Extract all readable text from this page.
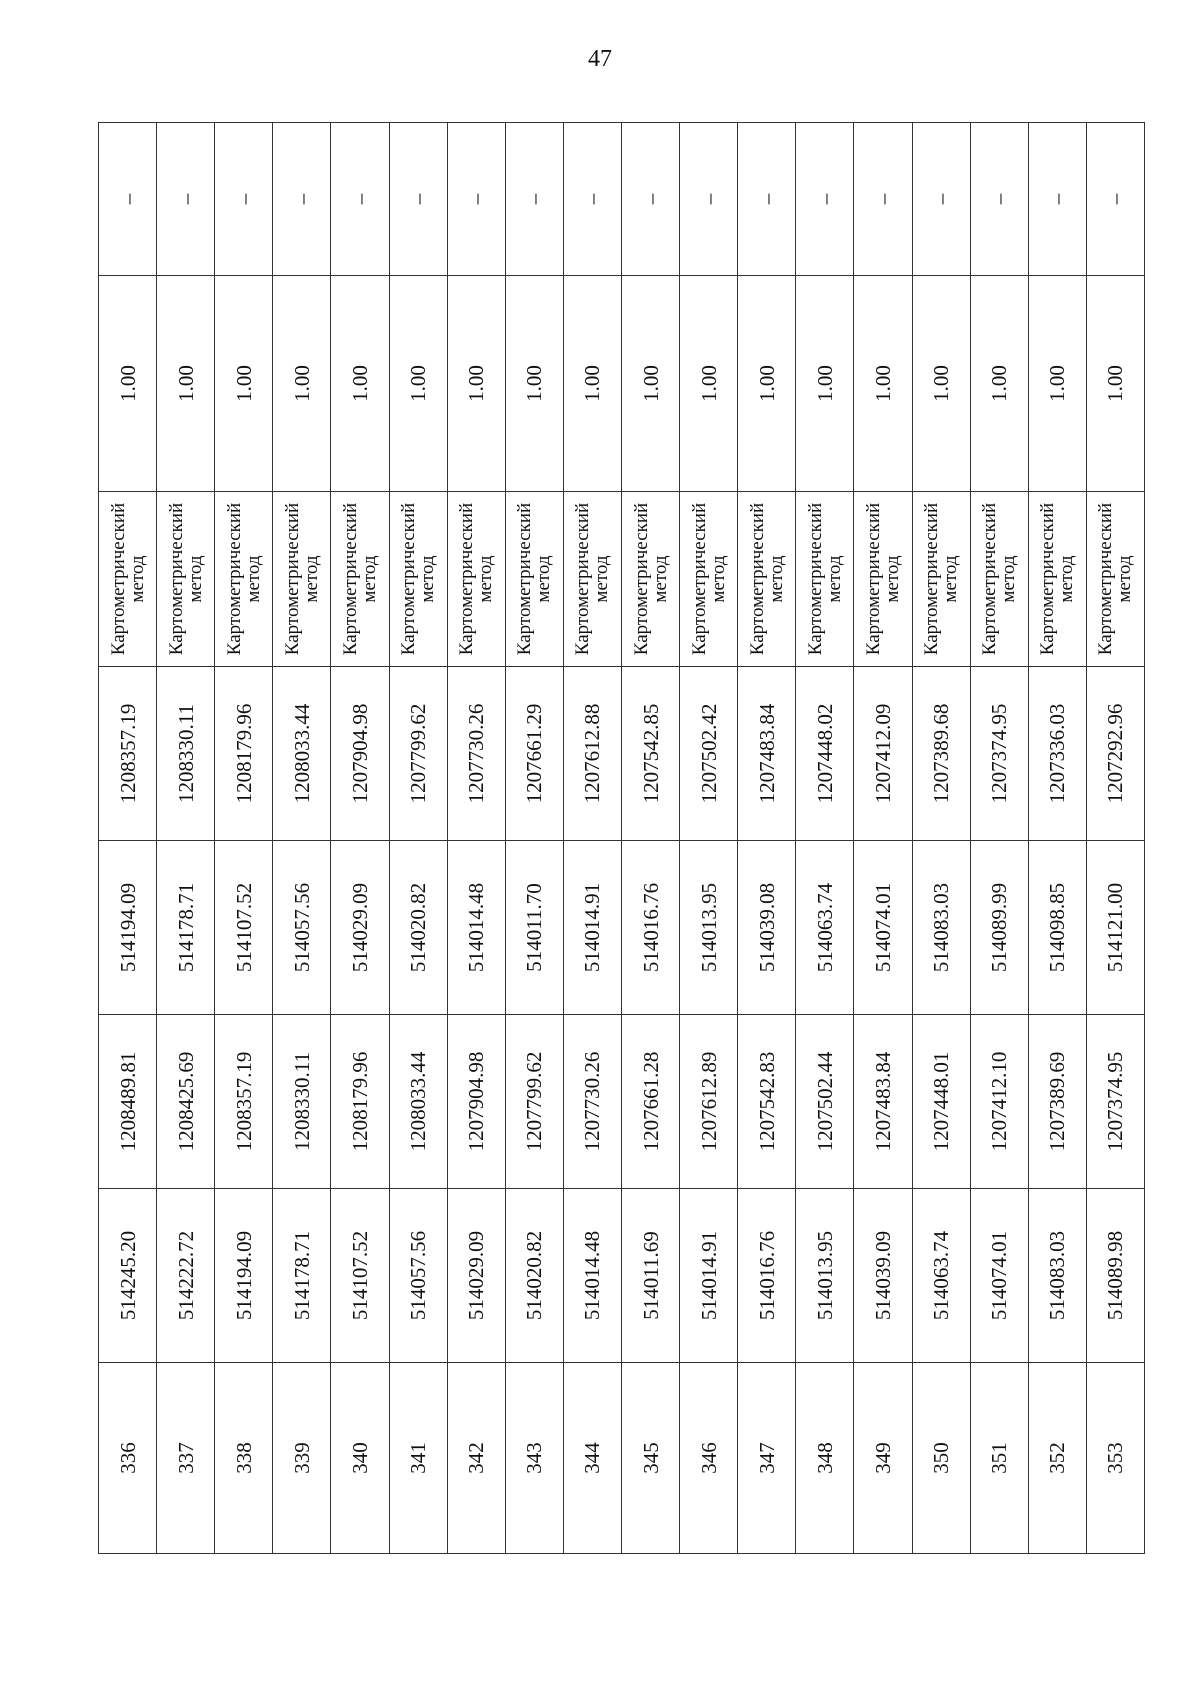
47
336	514245.20	1208489.81	514194.09	1208357.19	Картометрический
метод	1.00	–
337	514222.72	1208425.69	514178.71	1208330.11	Картометрический
метод	1.00	–
338	514194.09	1208357.19	514107.52	1208179.96	Картометрический
метод	1.00	–
339	514178.71	1208330.11	514057.56	1208033.44	Картометрический
метод	1.00	–
340	514107.52	1208179.96	514029.09	1207904.98	Картометрический
метод	1.00	–
341	514057.56	1208033.44	514020.82	1207799.62	Картометрический
метод	1.00	–
342	514029.09	1207904.98	514014.48	1207730.26	Картометрический
метод	1.00	–
343	514020.82	1207799.62	514011.70	1207661.29	Картометрический
метод	1.00	–
344	514014.48	1207730.26	514014.91	1207612.88	Картометрический
метод	1.00	–
345	514011.69	1207661.28	514016.76	1207542.85	Картометрический
метод	1.00	–
346	514014.91	1207612.89	514013.95	1207502.42	Картометрический
метод	1.00	–
347	514016.76	1207542.83	514039.08	1207483.84	Картометрический
метод	1.00	–
348	514013.95	1207502.44	514063.74	1207448.02	Картометрический
метод	1.00	–
349	514039.09	1207483.84	514074.01	1207412.09	Картометрический
метод	1.00	–
350	514063.74	1207448.01	514083.03	1207389.68	Картометрический
метод	1.00	–
351	514074.01	1207412.10	514089.99	1207374.95	Картометрический
метод	1.00	–
352	514083.03	1207389.69	514098.85	1207336.03	Картометрический
метод	1.00	–
353	514089.98	1207374.95	514121.00	1207292.96	Картометрический
метод	1.00	–
